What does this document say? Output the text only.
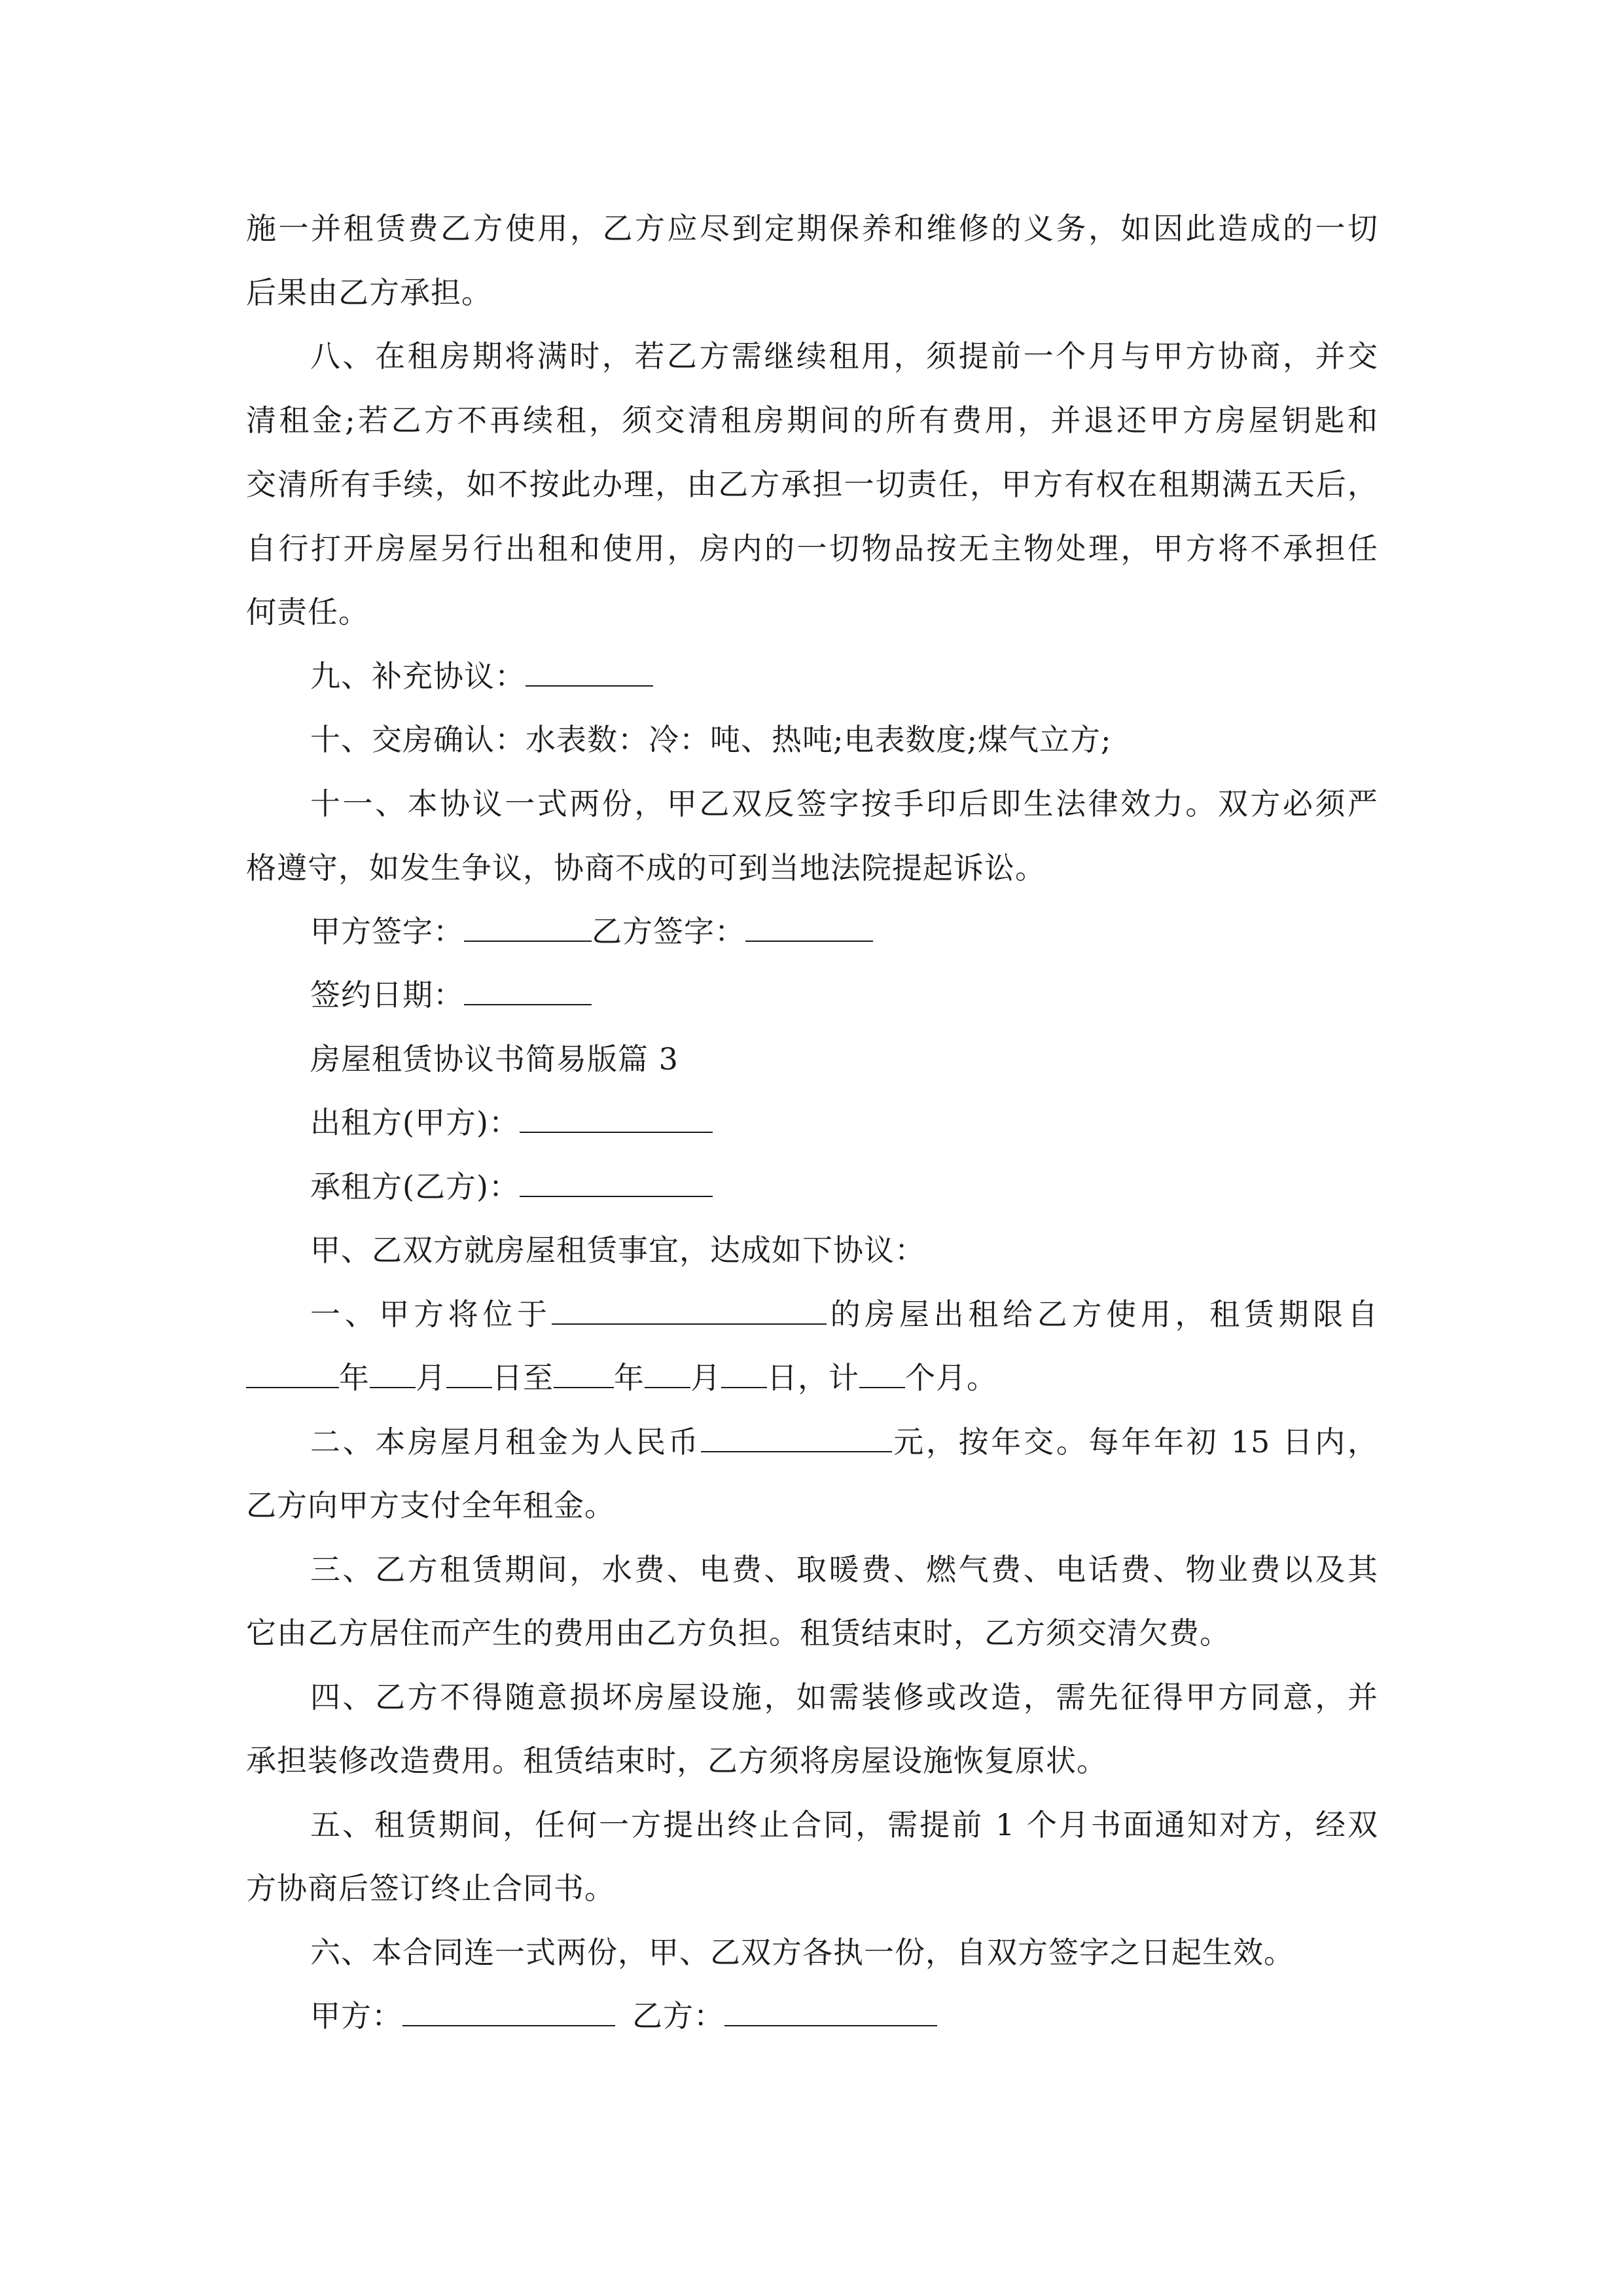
施一并租赁费乙方使用，乙方应尽到定期保养和维修的义务，如因此造成的一切
后果由乙方承担。
八、在租房期将满时，若乙方需继续租用，须提前一个月与甲方协商，并交
清租金;若乙方不再续租，须交清租房期间的所有费用，并退还甲方房屋钥匙和
交清所有手续，如不按此办理，由乙方承担一切责任，甲方有权在租期满五天后，
自行打开房屋另行出租和使用，房内的一切物品按无主物处理，甲方将不承担任
何责任。
九、补充协议：
十、交房确认：水表数：冷：吨、热吨;电表数度;煤气立方;
十一、本协议一式两份，甲乙双反签字按手印后即生法律效力。双方必须严
格遵守，如发生争议，协商不成的可到当地法院提起诉讼。
甲方签字：	乙方签字：
签约日期：
房屋租赁协议书简易版篇 3
出租方(甲方)：
承租方(乙方)：
甲、乙双方就房屋租赁事宜，达成如下协议：
一、甲方将位于	的房屋出租给乙方使用，租赁期限自
年 月 日至 年 月 日，计 个月。
二、本房屋月租金为人民币	元，按年交。每年年初 15 日内，
乙方向甲方支付全年租金。
三、乙方租赁期间，水费、电费、取暖费、燃气费、电话费、物业费以及其
它由乙方居住而产生的费用由乙方负担。租赁结束时，乙方须交清欠费。
四、乙方不得随意损坏房屋设施，如需装修或改造，需先征得甲方同意，并
承担装修改造费用。租赁结束时，乙方须将房屋设施恢复原状。
五、租赁期间，任何一方提出终止合同，需提前 1 个月书面通知对方，经双
方协商后签订终止合同书。
六、本合同连一式两份，甲、乙双方各执一份，自双方签字之日起生效。
甲方：	乙方：
